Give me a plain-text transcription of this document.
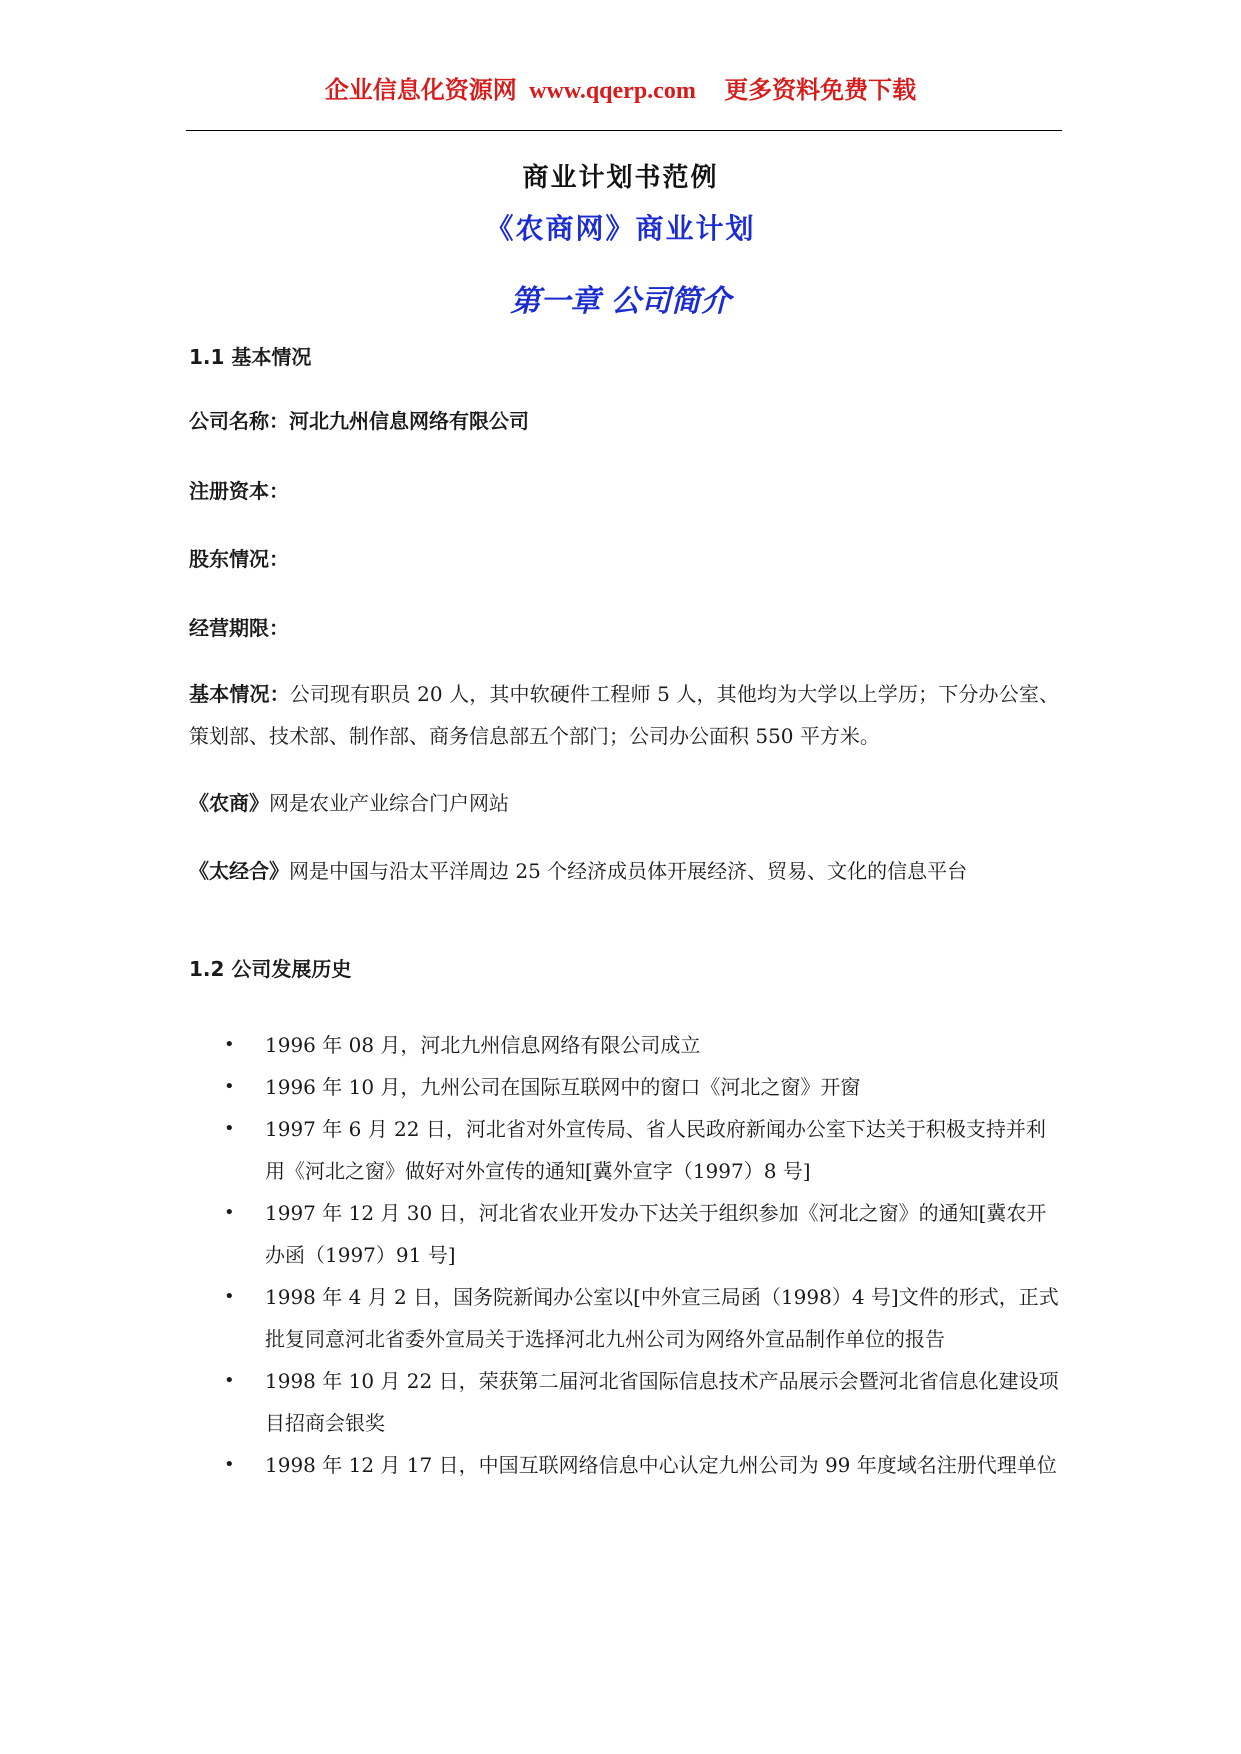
企业信息化资源网 www.qqerp.com 更多资料免费下载
商业计划书范例
《农商网》商业计划
第一章 公司简介

1.1 基本情况

公司名称：河北九州信息网络有限公司

注册资本：

股东情况：

经营期限：

基本情况：公司现有职员 20 人，其中软硬件工程师 5 人，其他均为大学以上学历；下分办公室、策划部、技术部、制作部、商务信息部五个部门；公司办公面积 550 平方米。

《农商》网是农业产业综合门户网站

《太经合》网是中国与沿太平洋周边 25 个经济成员体开展经济、贸易、文化的信息平台

1.2 公司发展历史

• 1996 年 08 月，河北九州信息网络有限公司成立
• 1996 年 10 月，九州公司在国际互联网中的窗口《河北之窗》开窗
• 1997 年 6 月 22 日，河北省对外宣传局、省人民政府新闻办公室下达关于积极支持并利用《河北之窗》做好对外宣传的通知[冀外宣字（1997）8 号]
• 1997 年 12 月 30 日，河北省农业开发办下达关于组织参加《河北之窗》的通知[冀农开办函（1997）91 号]
• 1998 年 4 月 2 日，国务院新闻办公室以[中外宣三局函（1998）4 号]文件的形式，正式批复同意河北省委外宣局关于选择河北九州公司为网络外宣品制作单位的报告
• 1998 年 10 月 22 日，荣获第二届河北省国际信息技术产品展示会暨河北省信息化建设项目招商会银奖
• 1998 年 12 月 17 日，中国互联网络信息中心认定九州公司为 99 年度域名注册代理单位
